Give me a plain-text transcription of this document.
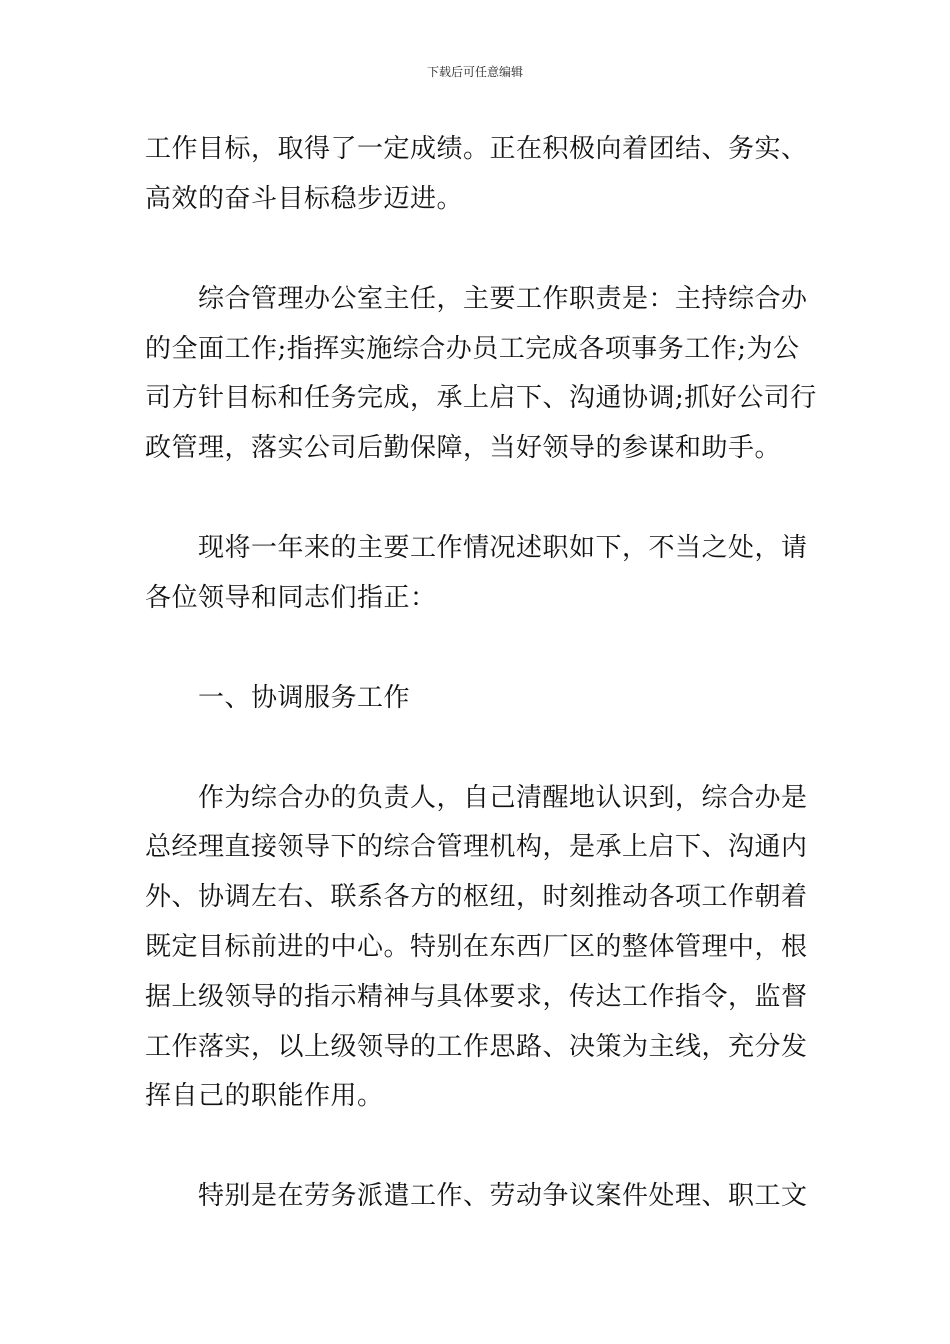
下载后可任意编辑
工作目标，取得了一定成绩。正在积极向着团结、务实、
高效的奋斗目标稳步迈进。
综合管理办公室主任，主要工作职责是：主持综合办
的全面工作;指挥实施综合办员工完成各项事务工作;为公
司方针目标和任务完成，承上启下、沟通协调;抓好公司行
政管理，落实公司后勤保障，当好领导的参谋和助手。
现将一年来的主要工作情况述职如下，不当之处，请
各位领导和同志们指正：
一、协调服务工作
作为综合办的负责人，自己清醒地认识到，综合办是
总经理直接领导下的综合管理机构，是承上启下、沟通内
外、协调左右、联系各方的枢纽，时刻推动各项工作朝着
既定目标前进的中心。特别在东西厂区的整体管理中，根
据上级领导的指示精神与具体要求，传达工作指令，监督
工作落实，以上级领导的工作思路、决策为主线，充分发
挥自己的职能作用。
特别是在劳务派遣工作、劳动争议案件处理、职工文
